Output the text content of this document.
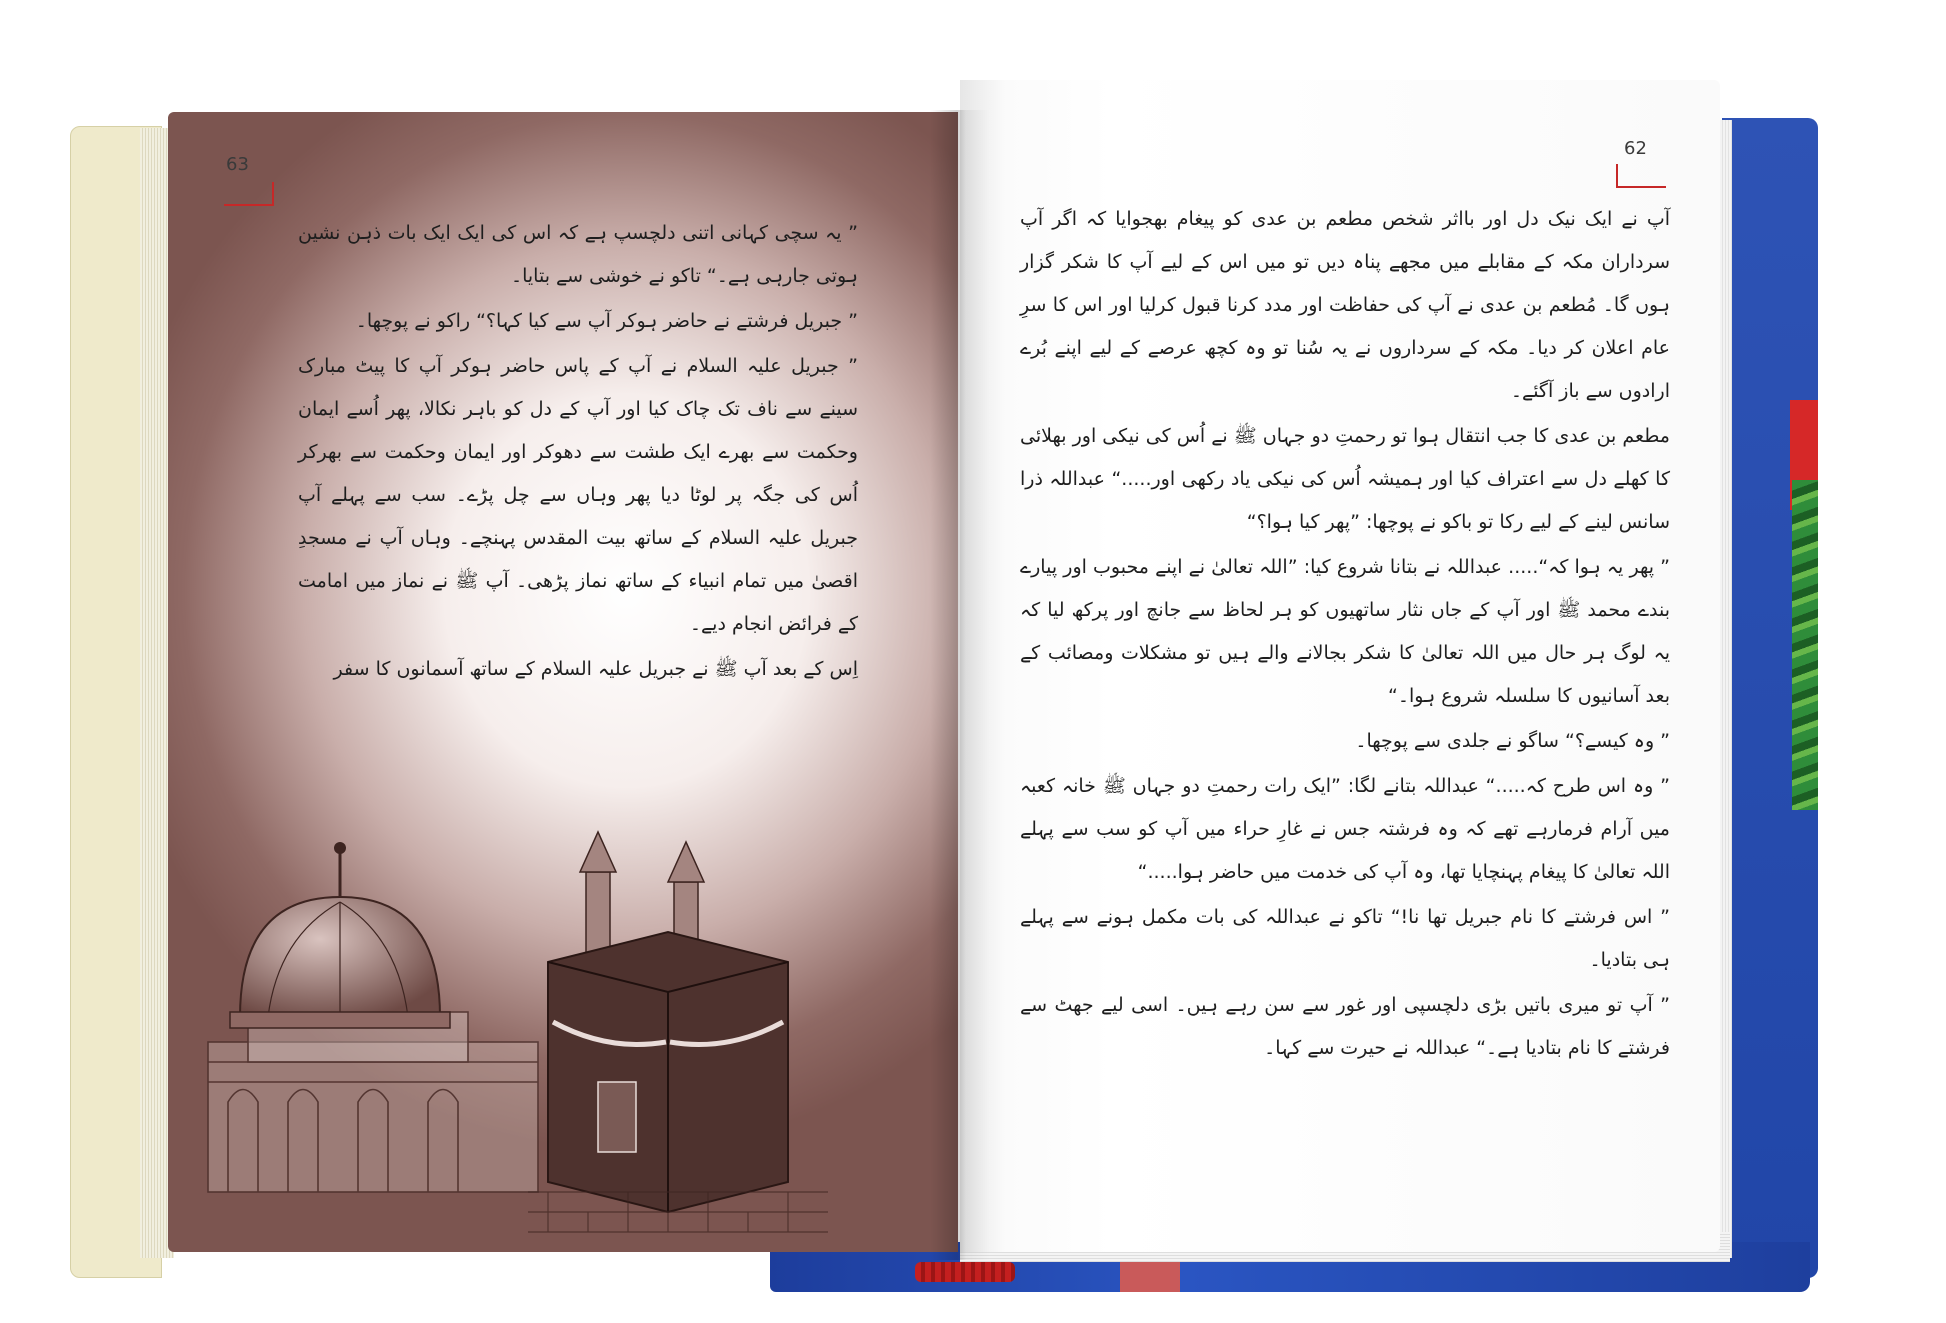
63

” یہ سچی کہانی اتنی دلچسپ ہے کہ اس کی ایک ایک بات ذہن نشین ہوتی جارہی ہے۔“ تاکو نے خوشی سے بتایا۔

” جبریل فرشتے نے حاضر ہوکر آپ سے کیا کہا؟“ راکو نے پوچھا۔

” جبریل علیہ السلام نے آپ کے پاس حاضر ہوکر آپ کا پیٹ مبارک سینے سے ناف تک چاک کیا اور آپ کے دل کو باہر نکالا، پھر اُسے ایمان وحکمت سے بھرے ایک طشت سے دھوکر اور ایمان وحکمت سے بھرکر اُس کی جگہ پر لوٹا دیا پھر وہاں سے چل پڑے۔ سب سے پہلے آپ جبریل علیہ السلام کے ساتھ بیت المقدس پہنچے۔ وہاں آپ نے مسجدِ اقصیٰ میں تمام انبیاء کے ساتھ نماز پڑھی۔ آپ ﷺ نے نماز میں امامت کے فرائض انجام دیے۔

اِس کے بعد آپ ﷺ نے جبریل علیہ السلام کے ساتھ آسمانوں کا سفر

62

آپ نے ایک نیک دل اور بااثر شخص مطعم بن عدی کو پیغام بھجوایا کہ اگر آپ سرداران مکہ کے مقابلے میں مجھے پناہ دیں تو میں اس کے لیے آپ کا شکر گزار ہوں گا۔ مُطعم بن عدی نے آپ کی حفاظت اور مدد کرنا قبول کرلیا اور اس کا سرِ عام اعلان کر دیا۔ مکہ کے سرداروں نے یہ سُنا تو وہ کچھ عرصے کے لیے اپنے بُرے ارادوں سے باز آگئے۔

مطعم بن عدی کا جب انتقال ہوا تو رحمتِ دو جہاں ﷺ نے اُس کی نیکی اور بھلائی کا کھلے دل سے اعتراف کیا اور ہمیشہ اُس کی نیکی یاد رکھی اور.....“ عبداللہ ذرا سانس لینے کے لیے رکا تو باکو نے پوچھا: ”پھر کیا ہوا؟“

” پھر یہ ہوا کہ“..... عبداللہ نے بتانا شروع کیا: ”اللہ تعالیٰ نے اپنے محبوب اور پیارے بندے محمد ﷺ اور آپ کے جاں نثار ساتھیوں کو ہر لحاظ سے جانچ اور پرکھ لیا کہ یہ لوگ ہر حال میں اللہ تعالیٰ کا شکر بجالانے والے ہیں تو مشکلات ومصائب کے بعد آسانیوں کا سلسلہ شروع ہوا۔“

” وہ کیسے؟“ ساگو نے جلدی سے پوچھا۔

” وہ اس طرح کہ.....“ عبداللہ بتانے لگا: ”ایک رات رحمتِ دو جہاں ﷺ خانہ کعبہ میں آرام فرمارہے تھے کہ وہ فرشتہ جس نے غارِ حراء میں آپ کو سب سے پہلے اللہ تعالیٰ کا پیغام پہنچایا تھا، وہ آپ کی خدمت میں حاضر ہوا.....“

” اس فرشتے کا نام جبریل تھا نا!“ تاکو نے عبداللہ کی بات مکمل ہونے سے پہلے ہی بتادیا۔

” آپ تو میری باتیں بڑی دلچسپی اور غور سے سن رہے ہیں۔ اسی لیے جھٹ سے فرشتے کا نام بتادیا ہے۔“ عبداللہ نے حیرت سے کہا۔
